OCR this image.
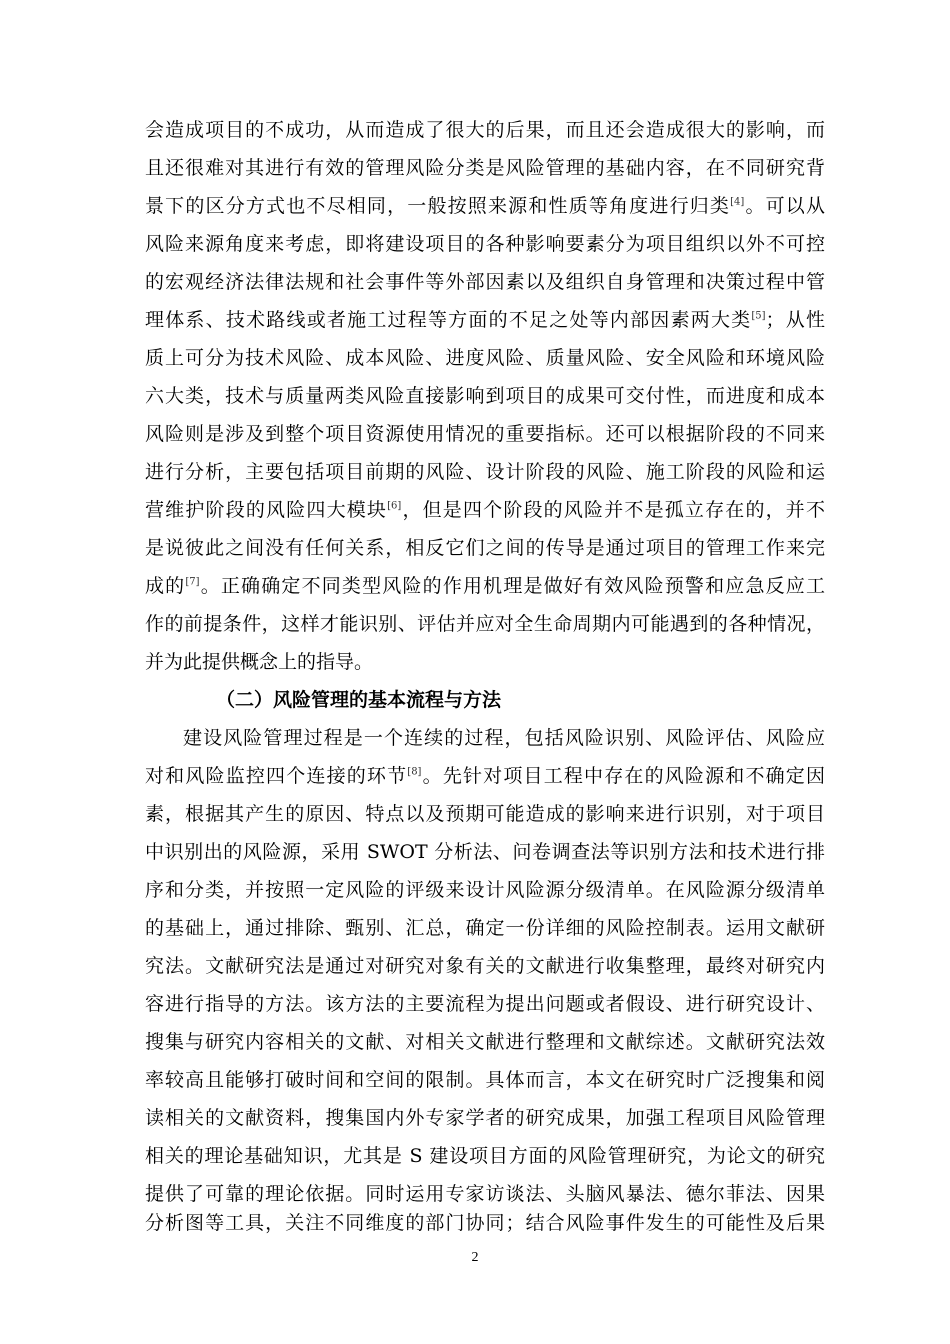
会造成项目的不成功，从而造成了很大的后果，而且还会造成很大的影响，而
且还很难对其进行有效的管理风险分类是风险管理的基础内容，在不同研究背
景下的区分方式也不尽相同，一般按照来源和性质等角度进行归类[4]。可以从
风险来源角度来考虑，即将建设项目的各种影响要素分为项目组织以外不可控
的宏观经济法律法规和社会事件等外部因素以及组织自身管理和决策过程中管
理体系、技术路线或者施工过程等方面的不足之处等内部因素两大类[5]；从性
质上可分为技术风险、成本风险、进度风险、质量风险、安全风险和环境风险
六大类，技术与质量两类风险直接影响到项目的成果可交付性，而进度和成本
风险则是涉及到整个项目资源使用情况的重要指标。还可以根据阶段的不同来
进行分析，主要包括项目前期的风险、设计阶段的风险、施工阶段的风险和运
营维护阶段的风险四大模块[6]，但是四个阶段的风险并不是孤立存在的，并不
是说彼此之间没有任何关系，相反它们之间的传导是通过项目的管理工作来完
成的[7]。正确确定不同类型风险的作用机理是做好有效风险预警和应急反应工
作的前提条件，这样才能识别、评估并应对全生命周期内可能遇到的各种情况，
并为此提供概念上的指导。
（二）风险管理的基本流程与方法
建设风险管理过程是一个连续的过程，包括风险识别、风险评估、风险应
对和风险监控四个连接的环节[8]。先针对项目工程中存在的风险源和不确定因
素，根据其产生的原因、特点以及预期可能造成的影响来进行识别，对于项目
中识别出的风险源，采用 SWOT 分析法、问卷调查法等识别方法和技术进行排
序和分类，并按照一定风险的评级来设计风险源分级清单。在风险源分级清单
的基础上，通过排除、甄别、汇总，确定一份详细的风险控制表。运用文献研
究法。文献研究法是通过对研究对象有关的文献进行收集整理，最终对研究内
容进行指导的方法。该方法的主要流程为提出问题或者假设、进行研究设计、
搜集与研究内容相关的文献、对相关文献进行整理和文献综述。文献研究法效
率较高且能够打破时间和空间的限制。具体而言，本文在研究时广泛搜集和阅
读相关的文献资料，搜集国内外专家学者的研究成果，加强工程项目风险管理
相关的理论基础知识，尤其是 S 建设项目方面的风险管理研究，为论文的研究
提供了可靠的理论依据。同时运用专家访谈法、头脑风暴法、德尔菲法、因果
分析图等工具，关注不同维度的部门协同；结合风险事件发生的可能性及后果
2
